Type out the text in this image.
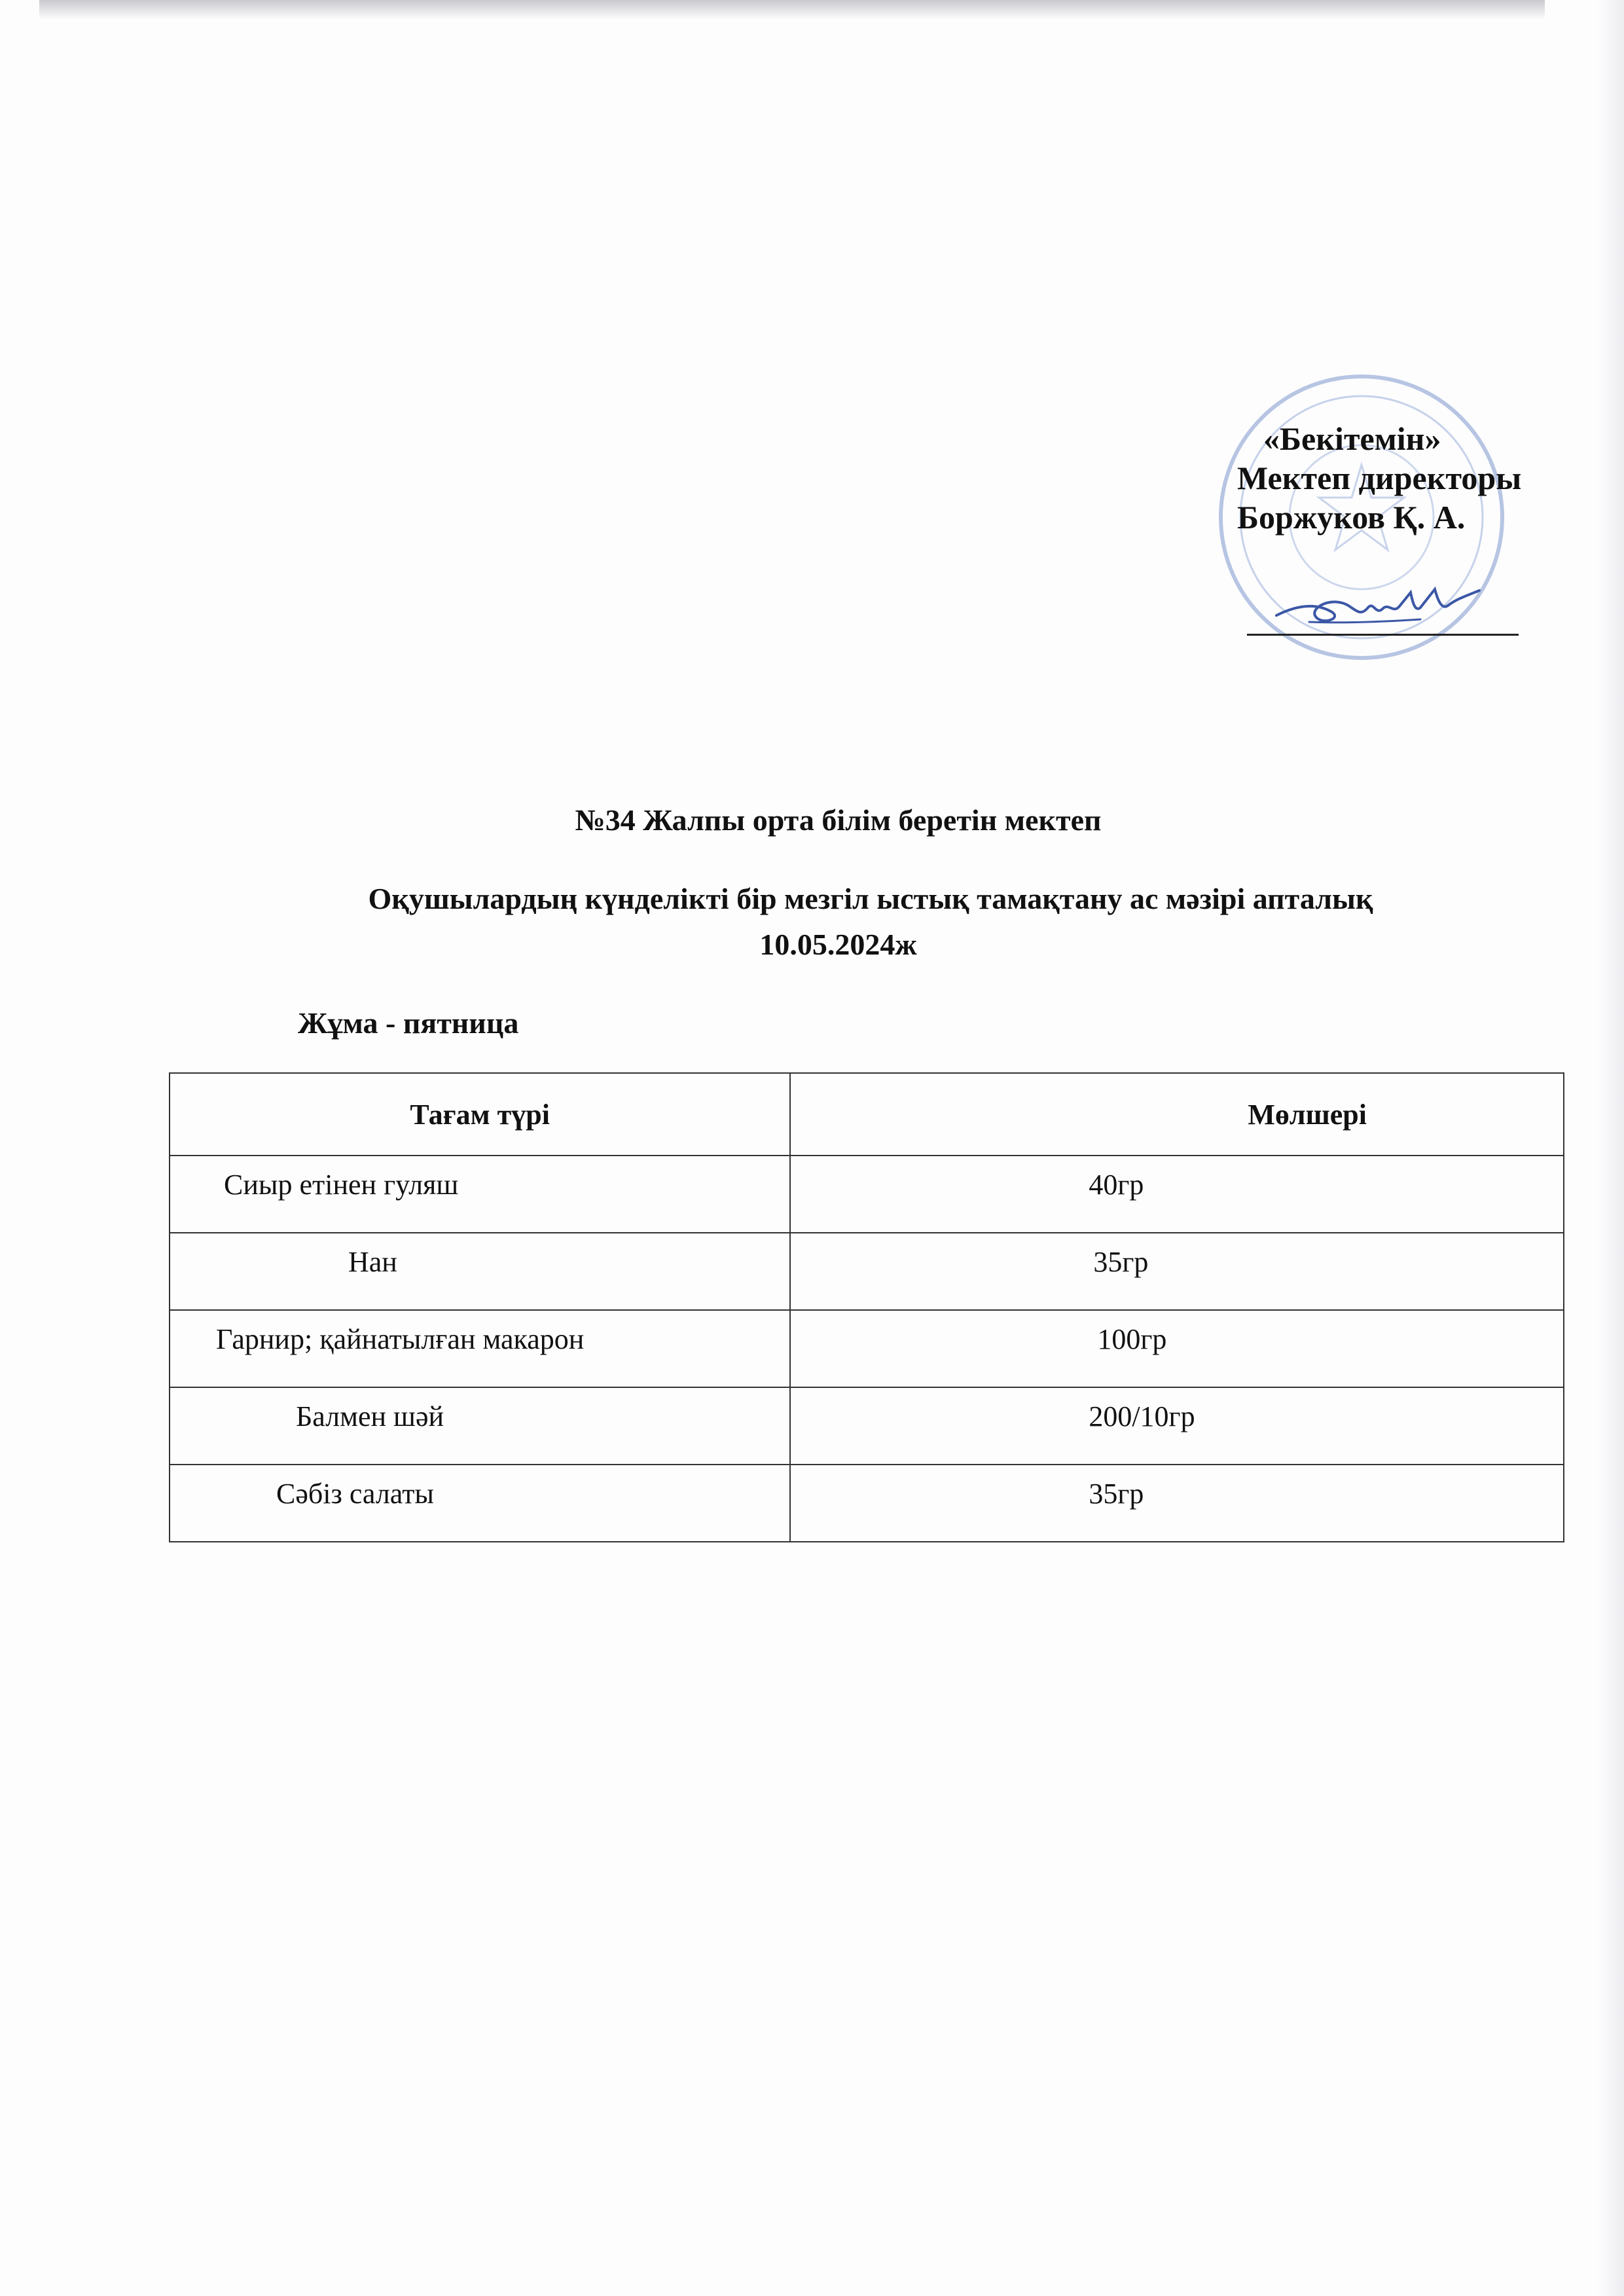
«Бекітемін»
Мектеп директоры
Боржуков Қ. А.
№34 Жалпы орта білім беретін мектеп
Оқушылардың күнделікті бір мезгіл ыстық тамақтану ас мәзірі апталық
10.05.2024ж
Жұма - пятница
Тағам түрі	Мөлшері

Сиыр етінен гуляш	40гр

Нан	35гр

Гарнир; қайнатылған макарон	100гр

Балмен шәй	200/10гр

Сәбіз салаты	35гр
